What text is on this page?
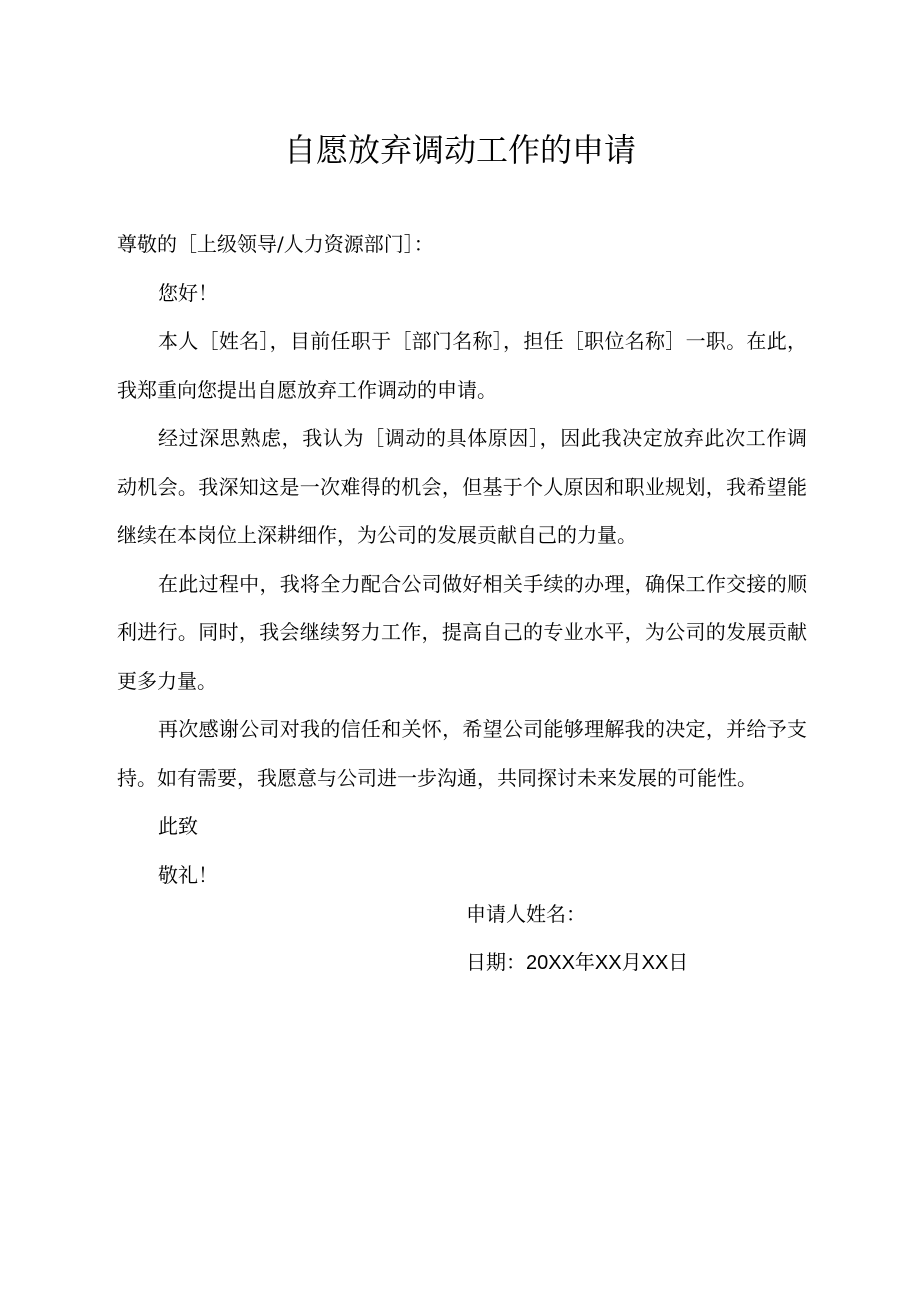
自愿放弃调动工作的申请

尊敬的［上级领导/人力资源部门］：

您好！

本人［姓名］，目前任职于［部门名称］，担任［职位名称］一职。在此，我郑重向您提出自愿放弃工作调动的申请。

经过深思熟虑，我认为［调动的具体原因］，因此我决定放弃此次工作调动机会。我深知这是一次难得的机会，但基于个人原因和职业规划，我希望能继续在本岗位上深耕细作，为公司的发展贡献自己的力量。

在此过程中，我将全力配合公司做好相关手续的办理，确保工作交接的顺利进行。同时，我会继续努力工作，提高自己的专业水平，为公司的发展贡献更多力量。

再次感谢公司对我的信任和关怀，希望公司能够理解我的决定，并给予支持。如有需要，我愿意与公司进一步沟通，共同探讨未来发展的可能性。

此致

敬礼！

申请人姓名：
日期：20XX年XX月XX日
